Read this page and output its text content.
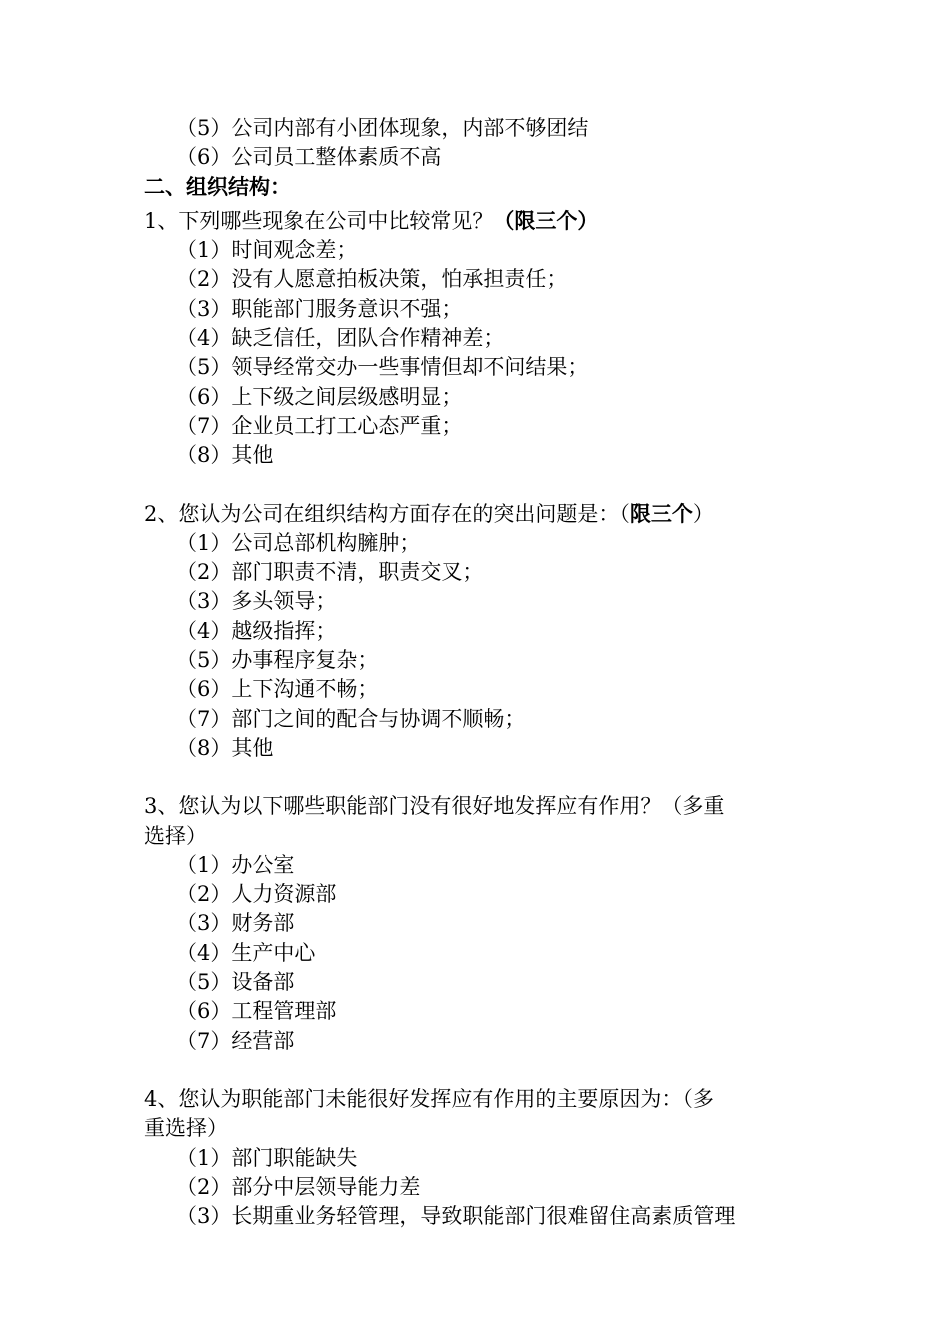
（5）公司内部有小团体现象，内部不够团结
（6）公司员工整体素质不高
二、组织结构：
1、下列哪些现象在公司中比较常见？（限三个）
（1）时间观念差；
（2）没有人愿意拍板决策，怕承担责任；
（3）职能部门服务意识不强；
（4）缺乏信任，团队合作精神差；
（5）领导经常交办一些事情但却不问结果；
（6）上下级之间层级感明显；
（7）企业员工打工心态严重；
（8）其他
2、您认为公司在组织结构方面存在的突出问题是：（限三个）
（1）公司总部机构臃肿；
（2）部门职责不清，职责交叉；
（3）多头领导；
（4）越级指挥；
（5）办事程序复杂；
（6）上下沟通不畅；
（7）部门之间的配合与协调不顺畅；
（8）其他
3、您认为以下哪些职能部门没有很好地发挥应有作用？（多重
选择）
（1）办公室
（2）人力资源部
（3）财务部
（4）生产中心
（5）设备部
（6）工程管理部
（7）经营部
4、您认为职能部门未能很好发挥应有作用的主要原因为：（多
重选择）
（1）部门职能缺失
（2）部分中层领导能力差
（3）长期重业务轻管理，导致职能部门很难留住高素质管理
